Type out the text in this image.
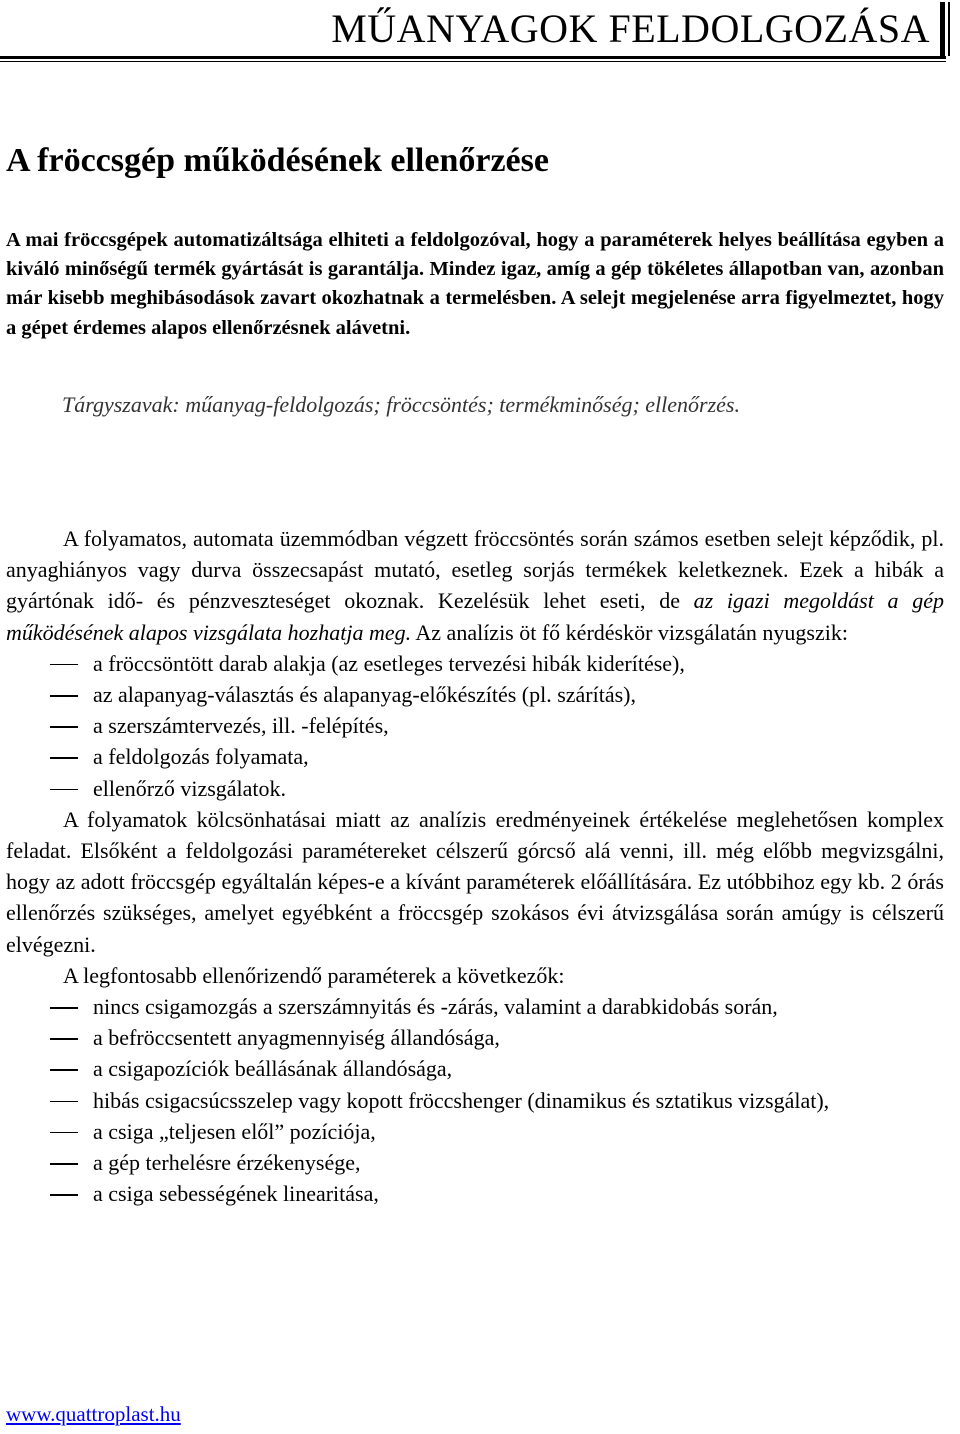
MŰANYAGOK FELDOLGOZÁSA
A fröccsgép működésének ellenőrzése

A mai fröccsgépek automatizáltsága elhiteti a feldolgozóval, hogy a paraméterek helyes beállítása egyben a kiváló minőségű termék gyártását is garantálja. Mindez igaz, amíg a gép tökéletes állapotban van, azonban már kisebb meghibásodások zavart okozhatnak a termelésben. A selejt megjelenése arra figyelmeztet, hogy a gépet érdemes alapos ellenőrzésnek alávetni.

Tárgyszavak: műanyag-feldolgozás; fröccsöntés; termékminőség; ellenőrzés.

A folyamatos, automata üzemmódban végzett fröccsöntés során számos esetben selejt képződik, pl. anyaghiányos vagy durva összecsapást mutató, esetleg sorjás termékek keletkeznek. Ezek a hibák a gyártónak idő- és pénzveszteséget okoznak. Kezelésük lehet eseti, de az igazi megoldást a gép működésének alapos vizsgálata hozhatja meg. Az analízis öt fő kérdéskör vizsgálatán nyugszik:

a fröccsöntött darab alakja (az esetleges tervezési hibák kiderítése),
az alapanyag-választás és alapanyag-előkészítés (pl. szárítás),
a szerszámtervezés, ill. -felépítés,
a feldolgozás folyamata,
ellenőrző vizsgálatok.

A folyamatok kölcsönhatásai miatt az analízis eredményeinek értékelése meglehetősen komplex feladat. Elsőként a feldolgozási paramétereket célszerű górcső alá venni, ill. még előbb megvizsgálni, hogy az adott fröccsgép egyáltalán képes-e a kívánt paraméterek előállítására. Ez utóbbihoz egy kb. 2 órás ellenőrzés szükséges, amelyet egyébként a fröccsgép szokásos évi átvizsgálása során amúgy is célszerű elvégezni.

A legfontosabb ellenőrizendő paraméterek a következők:

nincs csigamozgás a szerszámnyitás és -zárás, valamint a darabkidobás során,
a befröccsentett anyagmennyiség állandósága,
a csigapozíciók beállásának állandósága,
hibás csigacsúcsszelep vagy kopott fröccshenger (dinamikus és sztatikus vizsgálat),
a csiga „teljesen elől” pozíciója,
a gép terhelésre érzékenysége,
a csiga sebességének linearitása,
www.quattroplast.hu
